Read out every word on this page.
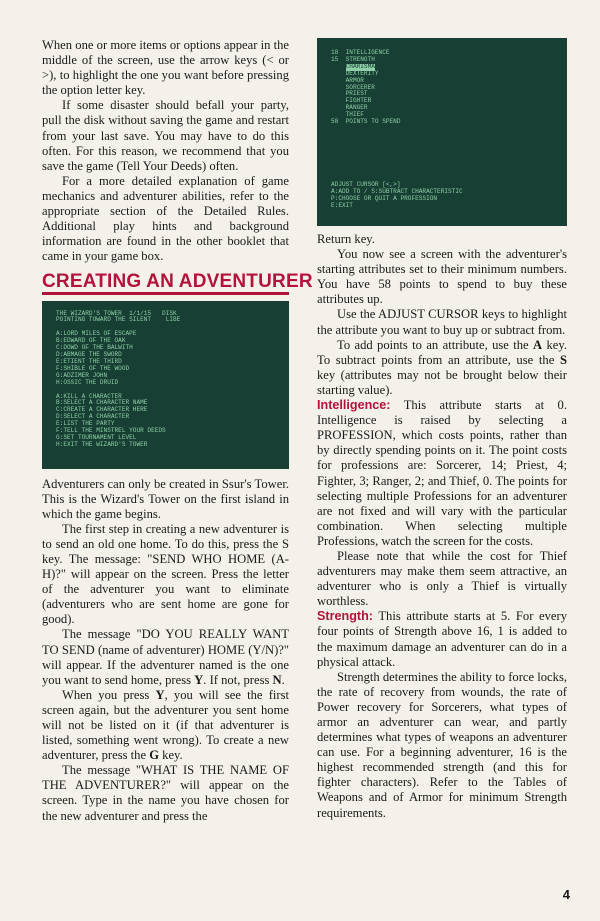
When one or more items or options appear in the middle of the screen, use the arrow keys (< or >), to highlight the one you want before pressing the option letter key.

If some disaster should befall your party, pull the disk without saving the game and restart from your last save. You may have to do this often. For this reason, we recommend that you save the game (Tell Your Deeds) often.

For a more detailed explanation of game mechanics and adventurer abilities, refer to the appropriate section of the Detailed Rules. Additional play hints and background information are found in the other booklet that came in your game box.

CREATING AN ADVENTURER
THE WIZARD'S TOWER  1/1/15   DISK
POINTING TOWARD THE SILENT    LIBE
A:LORD MILES OF ESCAPE
B:EDWARD OF THE OAK
C:DOWD OF THE BALWITH
D:ABMAGE THE SWORD
E:ETIENT THE THIRD
F:SHIBLE OF THE WOOD
G:ADZIMER JOHN
H:OSSIC THE DRUID
A:KILL A CHARACTER
B:SELECT A CHARACTER NAME
C:CREATE A CHARACTER HERE
D:SELECT A CHARACTER
E:LIST THE PARTY
F:TELL THE MINSTREL YOUR DEEDS
G:SET TOURNAMENT LEVEL
H:EXIT THE WIZARD'S TOWER

Adventurers can only be created in Ssur's Tower. This is the Wizard's Tower on the first island in which the game begins.

The first step in creating a new adventurer is to send an old one home. To do this, press the S key. The message: "SEND WHO HOME (A-H)?" will appear on the screen. Press the letter of the adventurer you want to eliminate (adventurers who are sent home are gone for good).

The message "DO YOU REALLY WANT TO SEND (name of adventurer) HOME (Y/N)?" will appear. If the adventurer named is the one you want to send home, press Y. If not, press N.

When you press Y, you will see the first screen again, but the adventurer you sent home will not be listed on it (if that adventurer is listed, something went wrong). To create a new adventurer, press the G key.

The message "WHAT IS THE NAME OF THE ADVENTURER?" will appear on the screen. Type in the name you have chosen for the new adventurer and press the

18  INTELLIGENCE
15  STRENGTH
CHARISMA
DEXTERITY
ARMOR
SORCERER
PRIEST
FIGHTER
RANGER
THIEF
58  POINTS TO SPEND
ADJUST CURSOR [<,>]
A:ADD TO / S:SUBTRACT CHARACTERISTIC
P:CHOOSE OR QUIT A PROFESSION
E:EXIT

Return key.

You now see a screen with the adventurer's starting attributes set to their minimum numbers. You have 58 points to spend to buy these attributes up.

Use the ADJUST CURSOR keys to highlight the attribute you want to buy up or subtract from.

To add points to an attribute, use the A key. To subtract points from an attribute, use the S key (attributes may not be brought below their starting value).

Intelligence: This attribute starts at 0. Intelligence is raised by selecting a PROFESSION, which costs points, rather than by directly spending points on it. The point costs for professions are: Sorcerer, 14; Priest, 4; Fighter, 3; Ranger, 2; and Thief, 0. The points for selecting multiple Professions for an adventurer are not fixed and will vary with the particular combination. When selecting multiple Professions, watch the screen for the costs.

Please note that while the cost for Thief adventurers may make them seem attractive, an adventurer who is only a Thief is virtually worthless.

Strength: This attribute starts at 5. For every four points of Strength above 16, 1 is added to the maximum damage an adventurer can do in a physical attack.

Strength determines the ability to force locks, the rate of recovery from wounds, the rate of Power recovery for Sorcerers, what types of armor an adventurer can wear, and partly determines what types of weapons an adventurer can use. For a beginning adventurer, 16 is the highest recommended strength (and this for fighter characters). Refer to the Tables of Weapons and of Armor for minimum Strength requirements.

4
